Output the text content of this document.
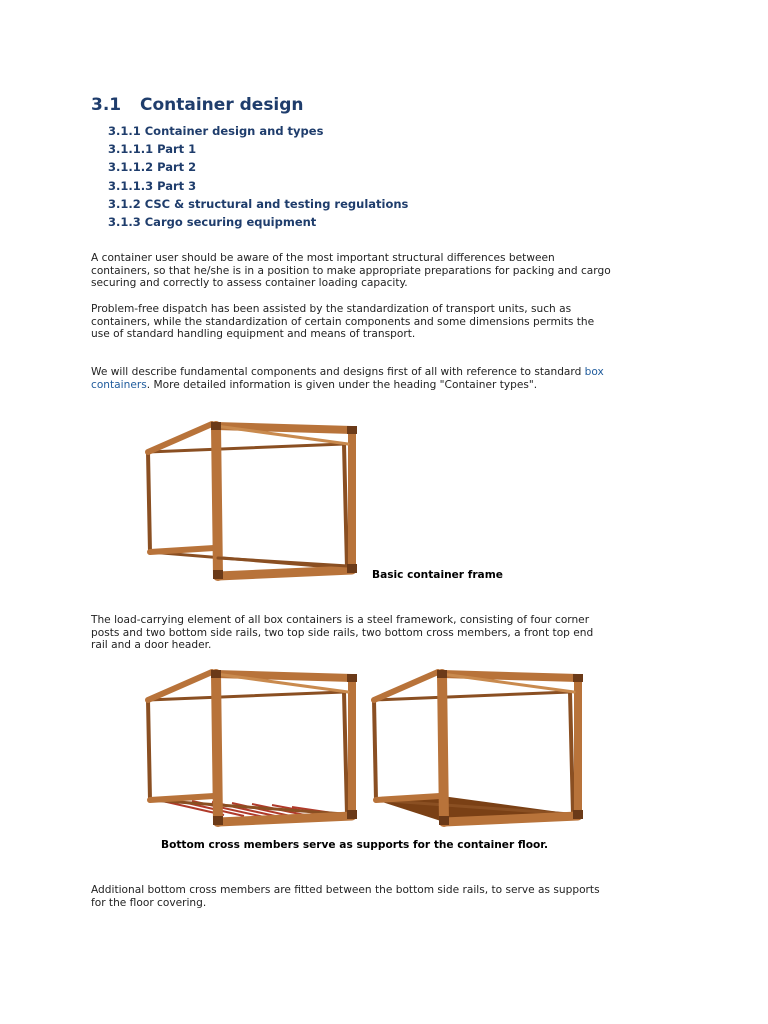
3.1 Container design
3.1.1 Container design and types
3.1.1.1 Part 1
3.1.1.2 Part 2
3.1.1.3 Part 3
3.1.2 CSC & structural and testing regulations
3.1.3 Cargo securing equipment

A container user should be aware of the most important structural differences between containers, so that he/she is in a position to make appropriate preparations for packing and cargo securing and correctly to assess container loading capacity.

Problem-free dispatch has been assisted by the standardization of transport units, such as containers, while the standardization of certain components and some dimensions permits the use of standard handling equipment and means of transport.

We will describe fundamental components and designs first of all with reference to standard box containers. More detailed information is given under the heading "Container types".

Basic container frame

The load-carrying element of all box containers is a steel framework, consisting of four corner posts and two bottom side rails, two top side rails, two bottom cross members, a front top end rail and a door header.

Bottom cross members serve as supports for the container floor.

Additional bottom cross members are fitted between the bottom side rails, to serve as supports for the floor covering.
